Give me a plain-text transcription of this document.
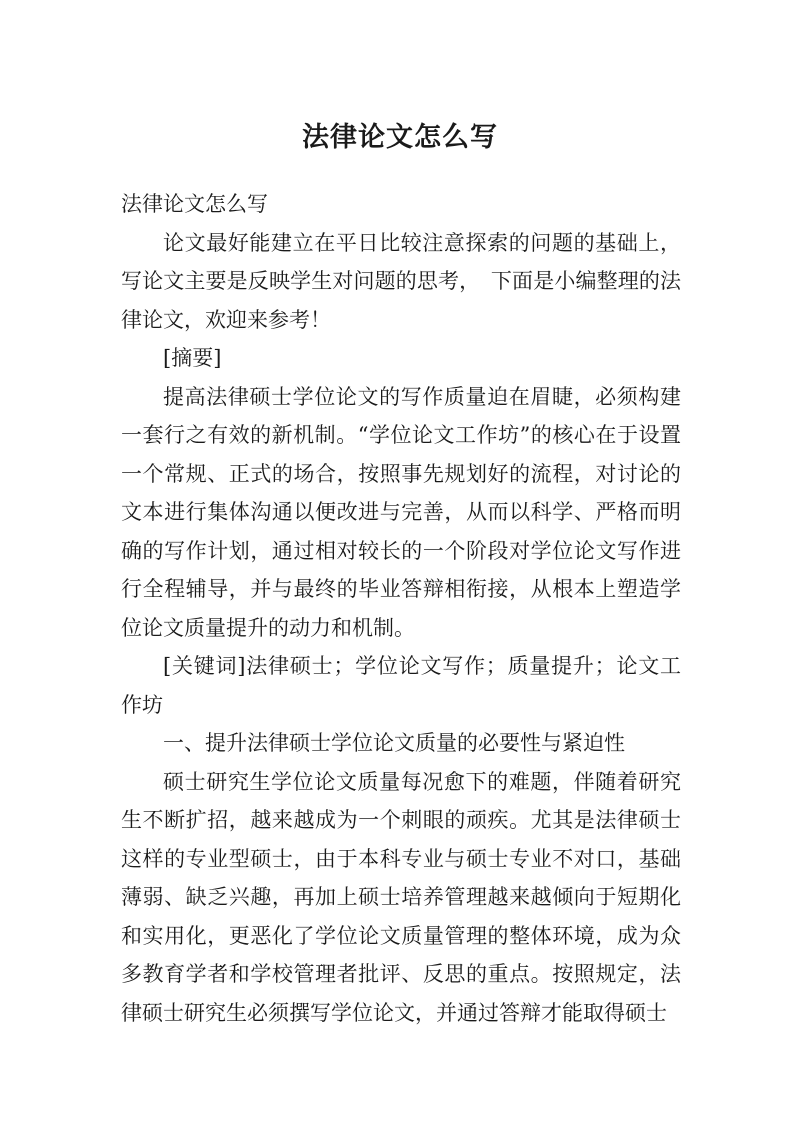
法律论文怎么写

法律论文怎么写

论文最好能建立在平日比较注意探索的问题的基础上，写论文主要是反映学生对问题的思考，　下面是小编整理的法律论文，欢迎来参考！

[摘要]

提高法律硕士学位论文的写作质量迫在眉睫，必须构建一套行之有效的新机制。“学位论文工作坊”的核心在于设置一个常规、正式的场合，按照事先规划好的流程，对讨论的文本进行集体沟通以便改进与完善，从而以科学、严格而明确的写作计划，通过相对较长的一个阶段对学位论文写作进行全程辅导，并与最终的毕业答辩相衔接，从根本上塑造学位论文质量提升的动力和机制。

[关键词]法律硕士；学位论文写作；质量提升；论文工作坊

一、提升法律硕士学位论文质量的必要性与紧迫性

硕士研究生学位论文质量每况愈下的难题，伴随着研究生不断扩招，越来越成为一个刺眼的顽疾。尤其是法律硕士这样的专业型硕士，由于本科专业与硕士专业不对口，基础薄弱、缺乏兴趣，再加上硕士培养管理越来越倾向于短期化和实用化，更恶化了学位论文质量管理的整体环境，成为众多教育学者和学校管理者批评、反思的重点。按照规定，法律硕士研究生必须撰写学位论文，并通过答辩才能取得硕士
